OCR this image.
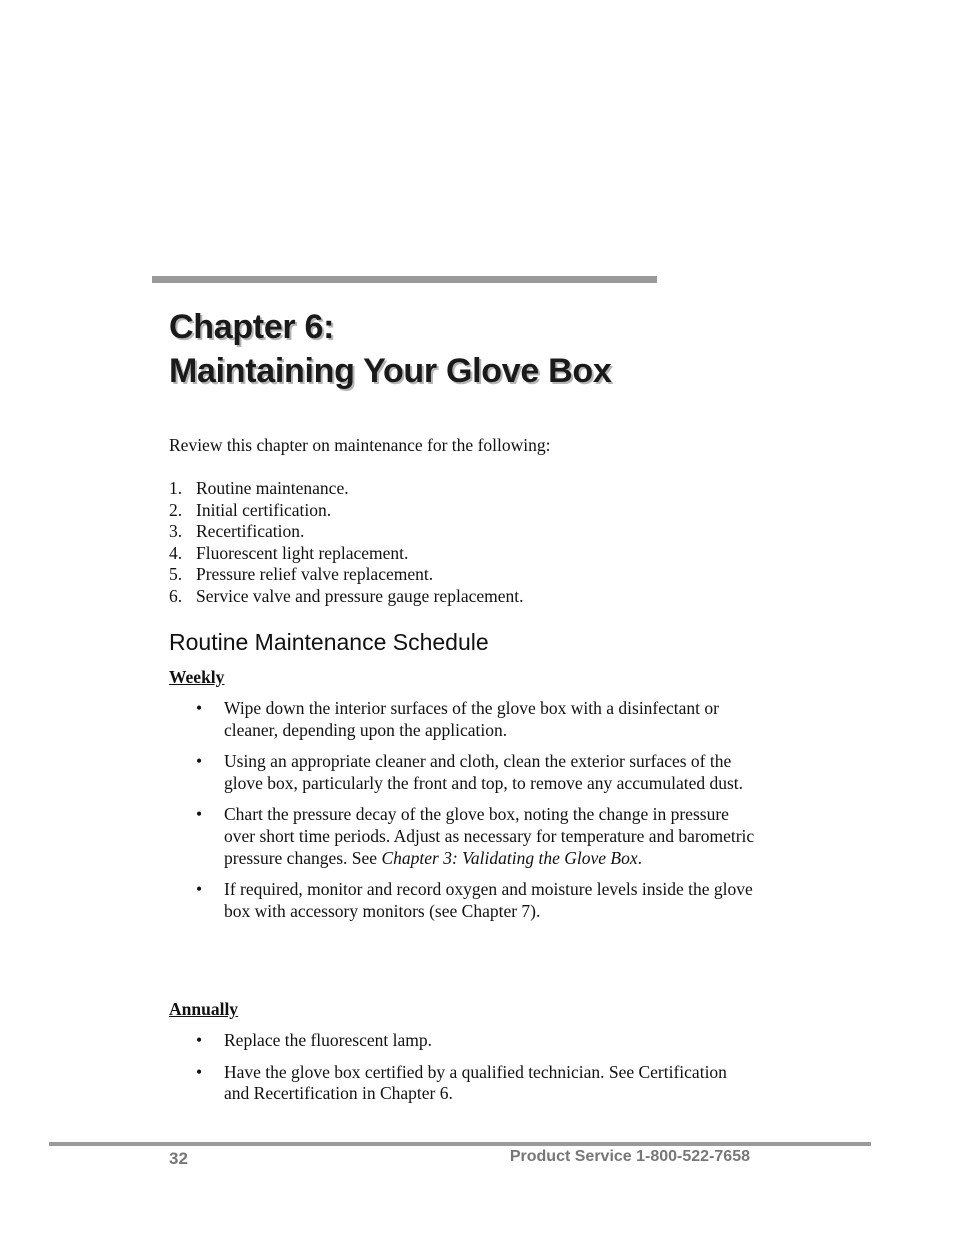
Chapter 6:
Maintaining Your Glove Box

Review this chapter on maintenance for the following:

1. Routine maintenance.
2. Initial certification.
3. Recertification.
4. Fluorescent light replacement.
5. Pressure relief valve replacement.
6. Service valve and pressure gauge replacement.
Routine Maintenance Schedule

Weekly

• Wipe down the interior surfaces of the glove box with a disinfectant or cleaner, depending upon the application.
• Using an appropriate cleaner and cloth, clean the exterior surfaces of the glove box, particularly the front and top, to remove any accumulated dust.
• Chart the pressure decay of the glove box, noting the change in pressure over short time periods. Adjust as necessary for temperature and barometric pressure changes. See Chapter 3: Validating the Glove Box.
• If required, monitor and record oxygen and moisture levels inside the glove box with accessory monitors (see Chapter 7).

Annually

• Replace the fluorescent lamp.
• Have the glove box certified by a qualified technician. See Certification and Recertification in Chapter 6.
32	Product Service 1-800-522-7658
